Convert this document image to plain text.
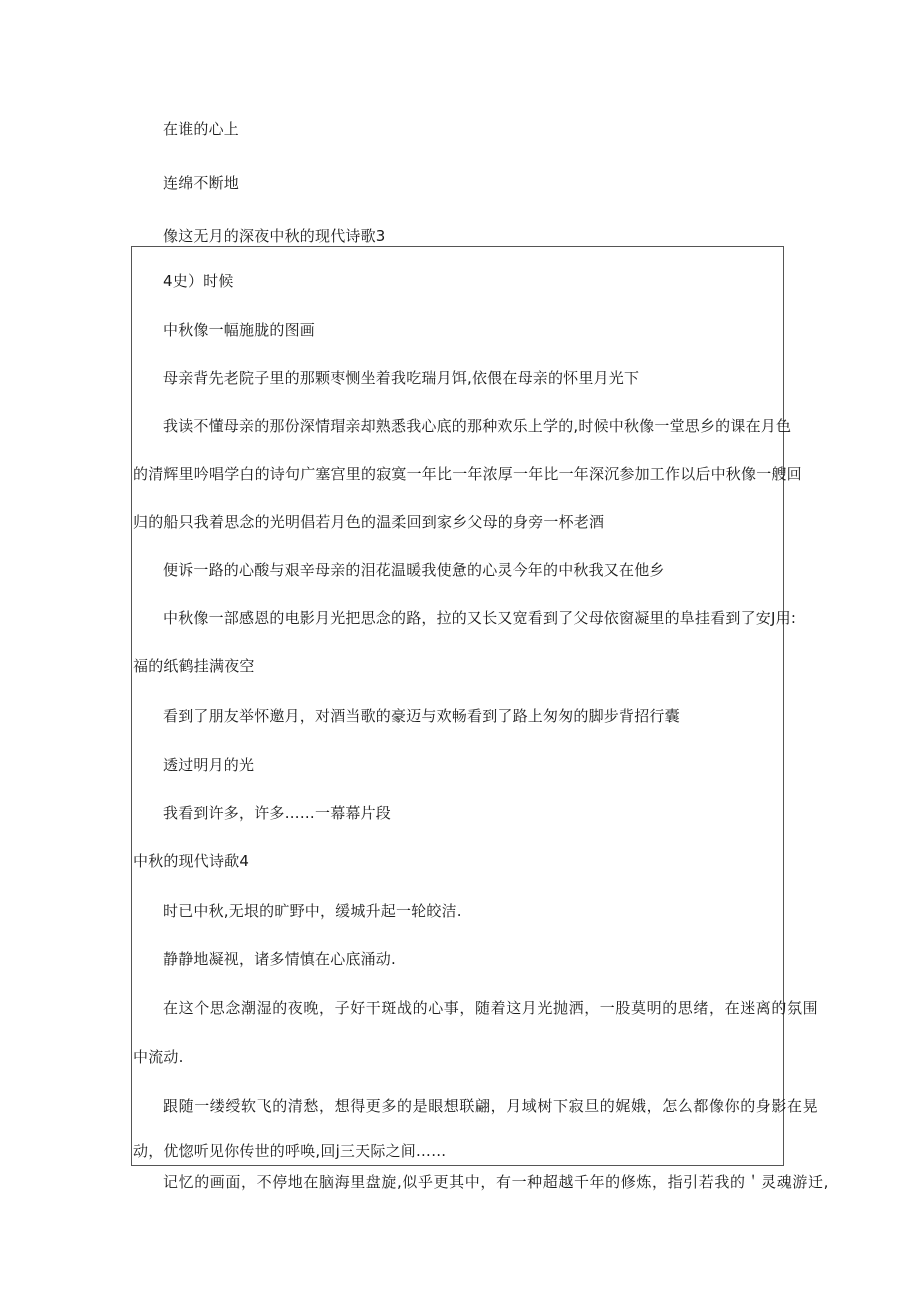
在谁的心上
连绵不断地
像这无月的深夜中秋的现代诗歌3
4史）时候
中秋像一幅施胧的图画
母亲背先老院子里的那颗枣恻坐着我吃瑞月饵,依偎在母亲的怀里月光下
我读不懂母亲的那份深情瑁亲却熟悉我心底的那种欢乐上学的,时候中秋像一堂思乡的课在月色
的清辉里吟唱学白的诗句广塞宫里的寂寞一年比一年浓厚一年比一年深沉参加工作以后中秋像一艘回
归的船只我着思念的光明倡若月色的温柔回到家乡父母的身旁一杯老酒
便诉一路的心酸与艰辛母亲的泪花温暖我使惫的心灵今年的中秋我又在他乡
中秋像一部感恩的电影月光把思念的路，拉的又长又宽看到了父母依窗凝里的阜挂看到了安J用:
福的纸鹤挂满夜空
看到了朋友举怀邀月，对酒当歌的豪迈与欢畅看到了路上匆匆的脚步背招行囊
透过明月的光
我看到许多，许多……一幕幕片段
中秋的现代诗歃4
时已中秋,无垠的旷野中，缓城升起一轮皎洁.
静静地凝视，诸多情慎在心底涌动.
在这个思念潮湿的夜晚，子好干斑战的心事，随着这月光抛洒，一股莫明的思绪，在迷离的氛围
中流动.
跟随一缕绶软飞的清愁，想得更多的是眼想联翩，月域树下寂旦的娓娥，怎么都像你的身影在晃
动，优惚听见你传世的呼唤,回j三天际之间……
记忆的画面，不停地在脑海里盘旋,似乎更其中，有一种超越千年的修炼，指引若我的＇灵魂游迁,
